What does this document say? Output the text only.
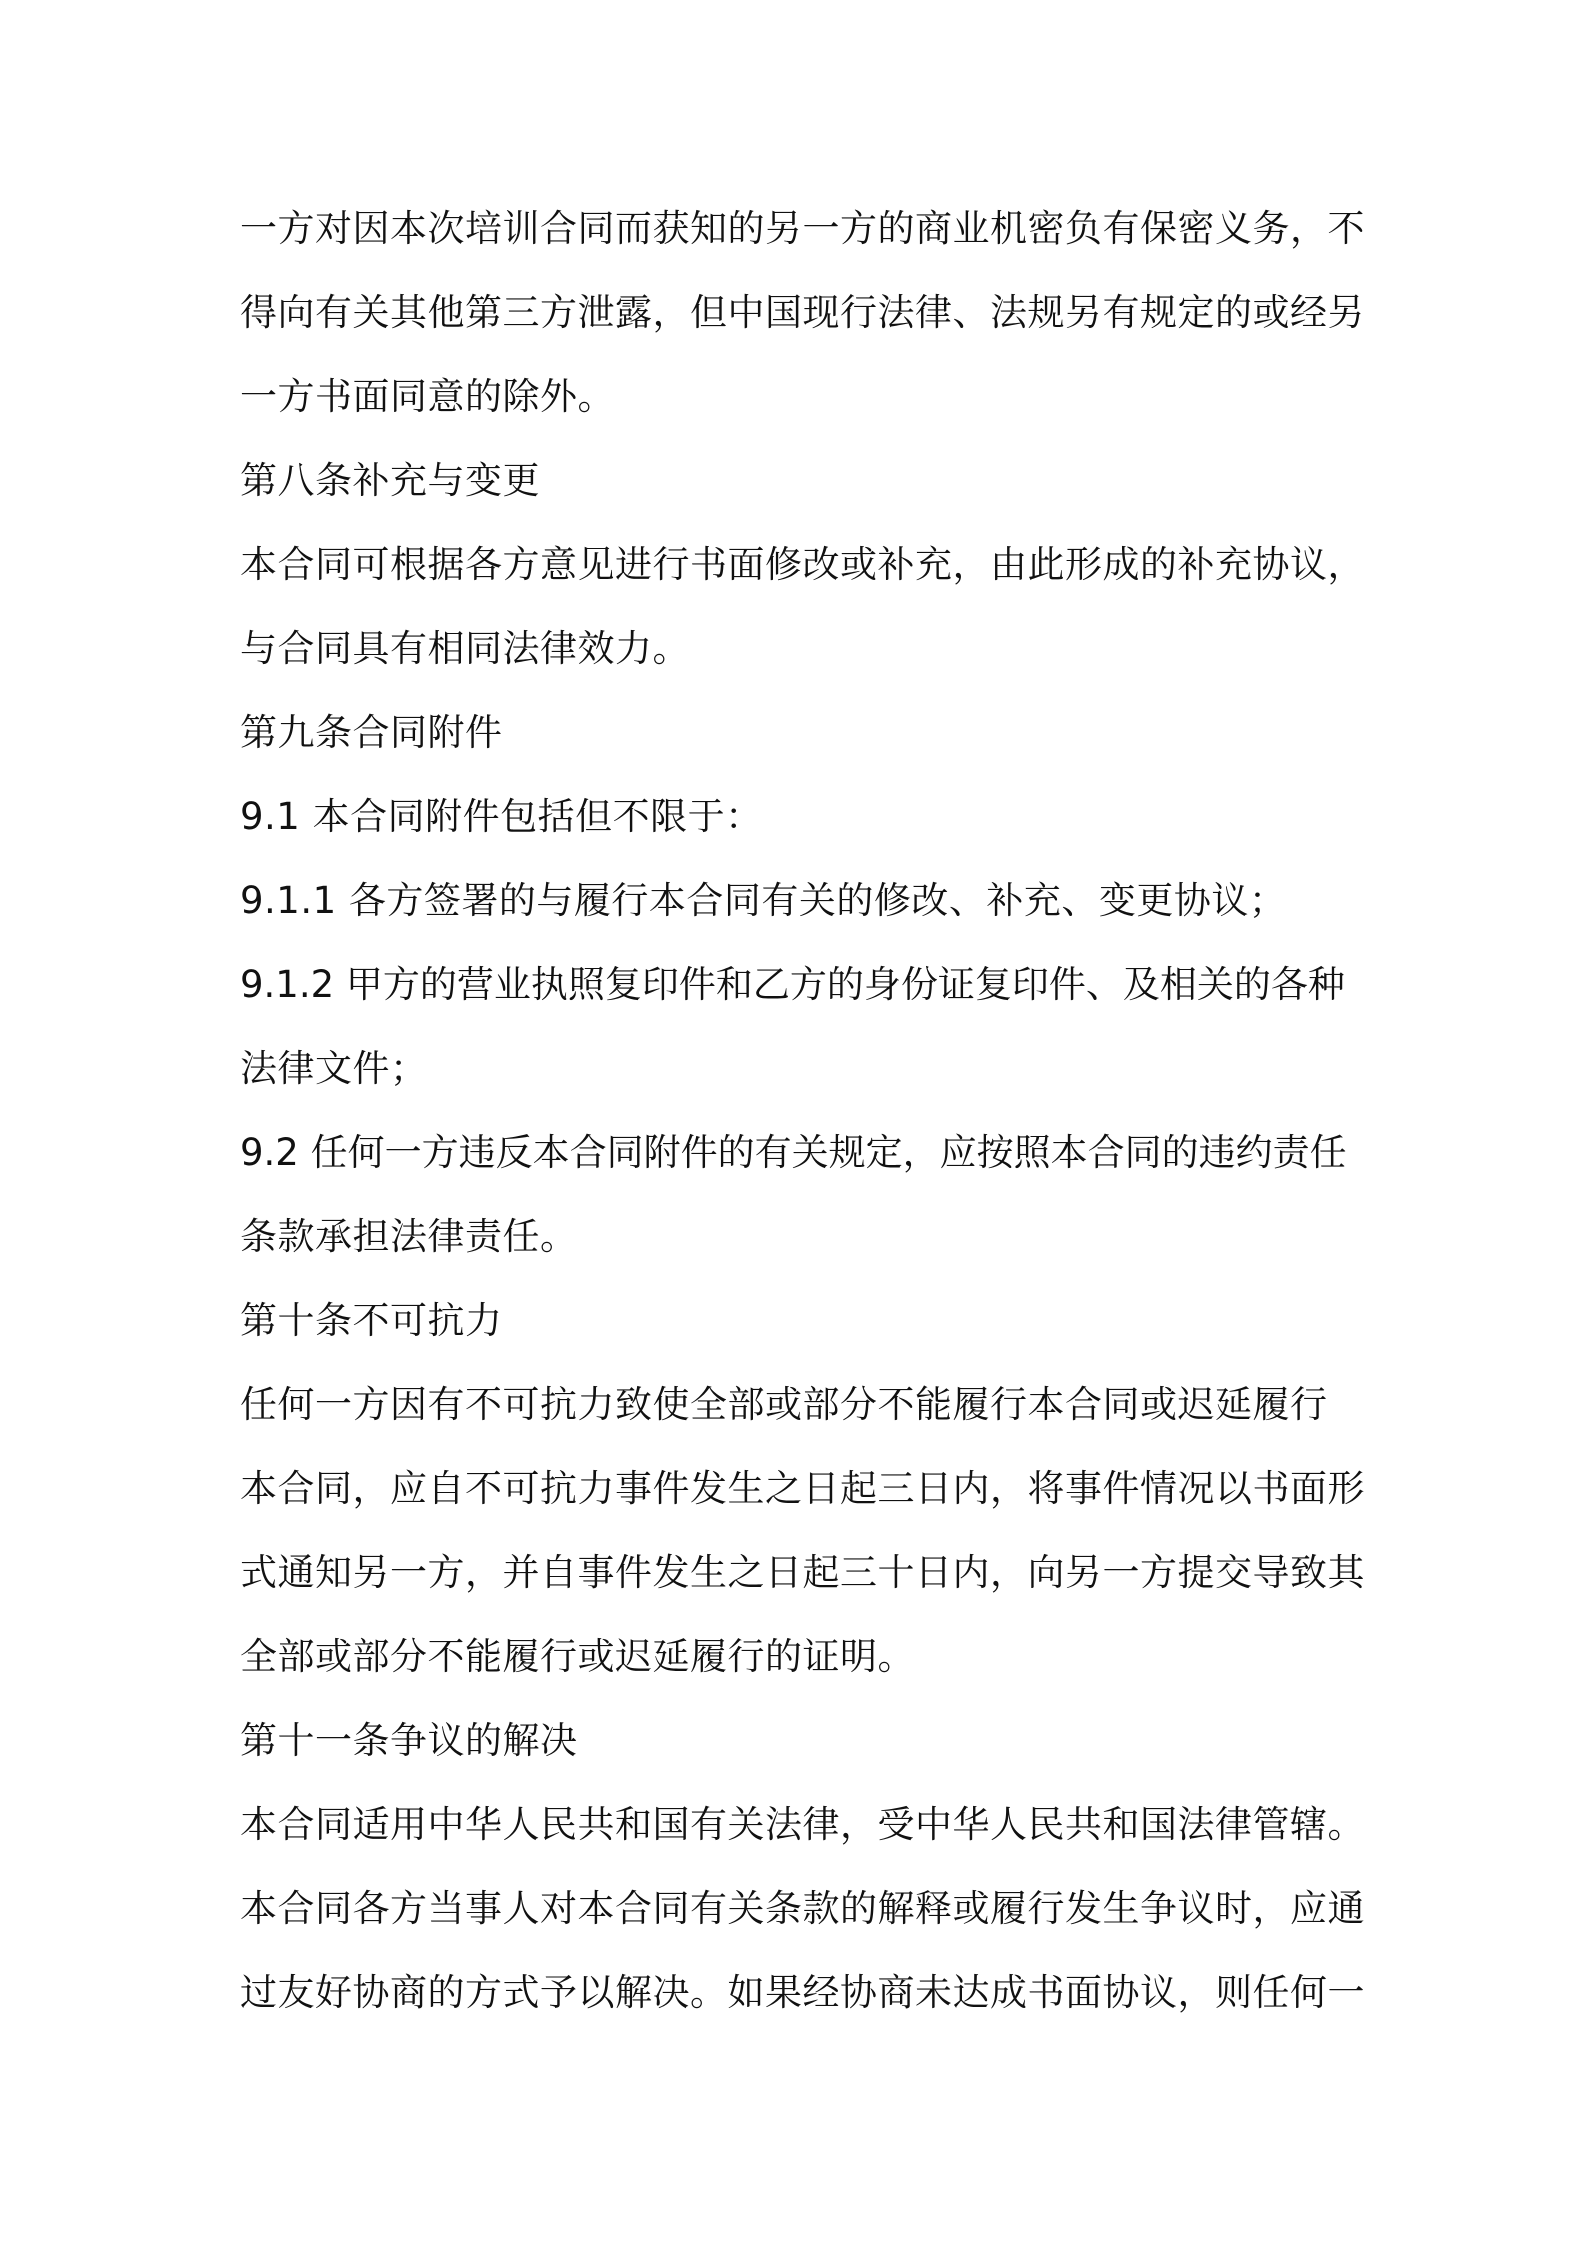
一方对因本次培训合同而获知的另一方的商业机密负有保密义务，不
得向有关其他第三方泄露，但中国现行法律、法规另有规定的或经另
一方书面同意的除外。
第八条补充与变更
本合同可根据各方意见进行书面修改或补充，由此形成的补充协议，
与合同具有相同法律效力。
第九条合同附件
9.1 本合同附件包括但不限于：
9.1.1 各方签署的与履行本合同有关的修改、补充、变更协议；
9.1.2 甲方的营业执照复印件和乙方的身份证复印件、及相关的各种
法律文件；
9.2 任何一方违反本合同附件的有关规定，应按照本合同的违约责任
条款承担法律责任。
第十条不可抗力
任何一方因有不可抗力致使全部或部分不能履行本合同或迟延履行
本合同，应自不可抗力事件发生之日起三日内，将事件情况以书面形
式通知另一方，并自事件发生之日起三十日内，向另一方提交导致其
全部或部分不能履行或迟延履行的证明。
第十一条争议的解决
本合同适用中华人民共和国有关法律，受中华人民共和国法律管辖。
本合同各方当事人对本合同有关条款的解释或履行发生争议时，应通
过友好协商的方式予以解决。如果经协商未达成书面协议，则任何一
